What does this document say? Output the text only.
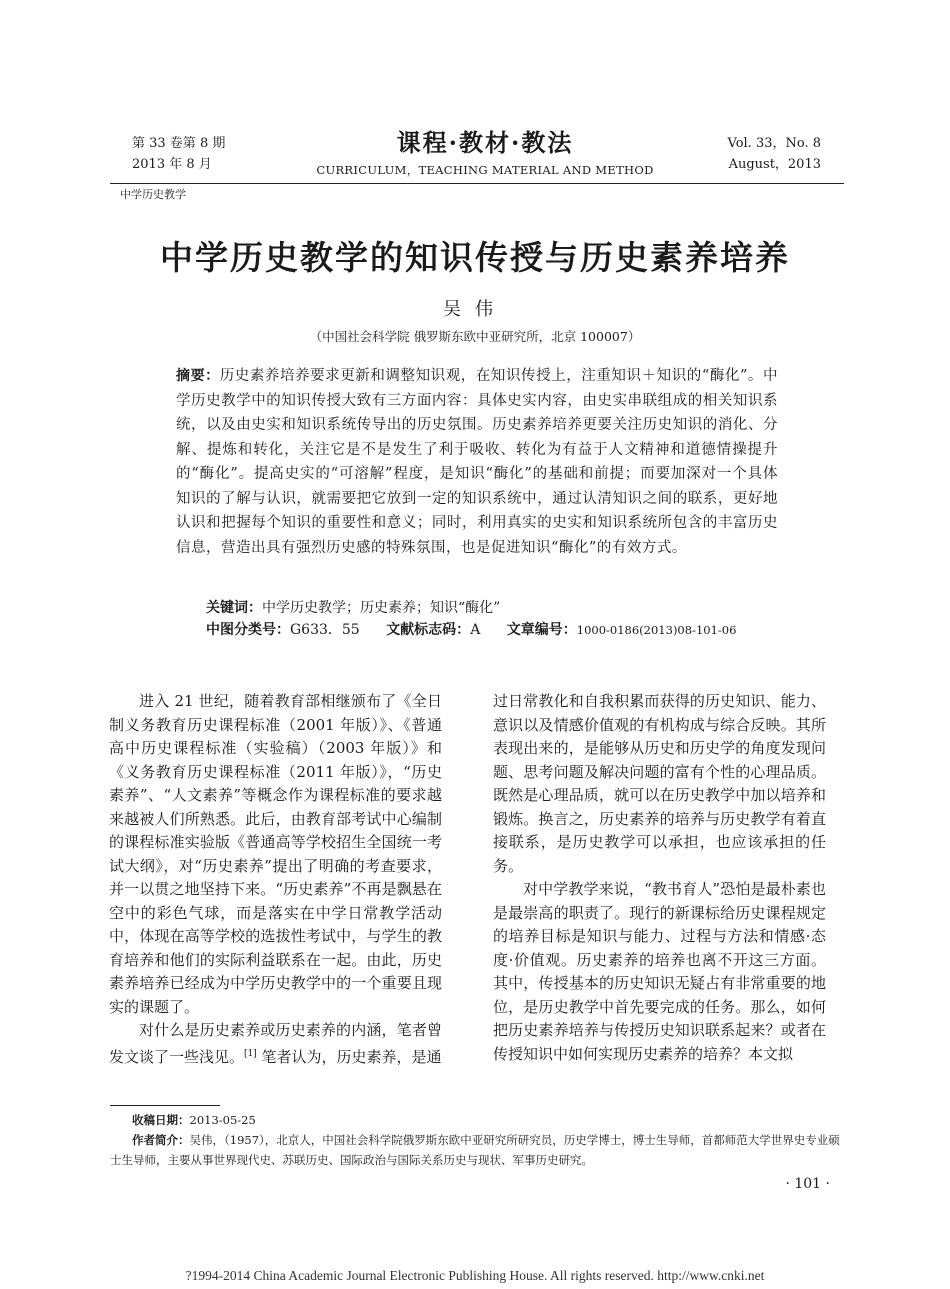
第 33 卷第 8 期
2013 年 8 月
课程·教材·教法
CURRICULUM，TEACHING MATERIAL AND METHOD
Vol. 33，No. 8
August，2013
中学历史教学
中学历史教学的知识传授与历史素养培养
吴伟
（中国社会科学院 俄罗斯东欧中亚研究所，北京 100007）
摘要：历史素养培养要求更新和调整知识观，在知识传授上，注重知识＋知识的“酶化”。中学历史教学中的知识传授大致有三方面内容：具体史实内容，由史实串联组成的相关知识系统，以及由史实和知识系统传导出的历史氛围。历史素养培养更要关注历史知识的消化、分解、提炼和转化，关注它是不是发生了利于吸收、转化为有益于人文精神和道德情操提升的“酶化”。提高史实的“可溶解”程度，是知识“酶化”的基础和前提；而要加深对一个具体知识的了解与认识，就需要把它放到一定的知识系统中，通过认清知识之间的联系，更好地认识和把握每个知识的重要性和意义；同时，利用真实的史实和知识系统所包含的丰富历史信息，营造出具有强烈历史感的特殊氛围，也是促进知识“酶化”的有效方式。
关键词：中学历史教学；历史素养；知识“酶化”
中图分类号：G633．55 文献标志码：A 文章编号：1000-0186(2013)08-101-06

进入 21 世纪，随着教育部相继颁布了《全日制义务教育历史课程标准（2001 年版）》、《普通高中历史课程标准（实验稿）（2003 年版）》和《义务教育历史课程标准（2011 年版）》，“历史素养”、“人文素养”等概念作为课程标准的要求越来越被人们所熟悉。此后，由教育部考试中心编制的课程标准实验版《普通高等学校招生全国统一考试大纲》，对“历史素养”提出了明确的考查要求，并一以贯之地坚持下来。“历史素养”不再是飘悬在空中的彩色气球，而是落实在中学日常教学活动中，体现在高等学校的选拔性考试中，与学生的教育培养和他们的实际利益联系在一起。由此，历史素养培养已经成为中学历史教学中的一个重要且现实的课题了。

对什么是历史素养或历史素养的内涵，笔者曾发文谈了一些浅见。[1] 笔者认为，历史素养，是通

过日常教化和自我积累而获得的历史知识、能力、意识以及情感价值观的有机构成与综合反映。其所表现出来的，是能够从历史和历史学的角度发现问题、思考问题及解决问题的富有个性的心理品质。既然是心理品质，就可以在历史教学中加以培养和锻炼。换言之，历史素养的培养与历史教学有着直接联系，是历史教学可以承担，也应该承担的任务。

对中学教学来说，“教书育人”恐怕是最朴素也是最崇高的职责了。现行的新课标给历史课程规定的培养目标是知识与能力、过程与方法和情感·态度·价值观。历史素养的培养也离不开这三方面。其中，传授基本的历史知识无疑占有非常重要的地位，是历史教学中首先要完成的任务。那么，如何把历史素养培养与传授历史知识联系起来？或者在传授知识中如何实现历史素养的培养？本文拟

收稿日期：2013-05-25

作者简介：吴伟，（1957），北京人，中国社会科学院俄罗斯东欧中亚研究所研究员，历史学博士，博士生导师，首都师范大学世界史专业硕士生导师，主要从事世界现代史、苏联历史、国际政治与国际关系历史与现状、军事历史研究。

· 101 ·
?1994-2014 China Academic Journal Electronic Publishing House. All rights reserved. http://www.cnki.net
